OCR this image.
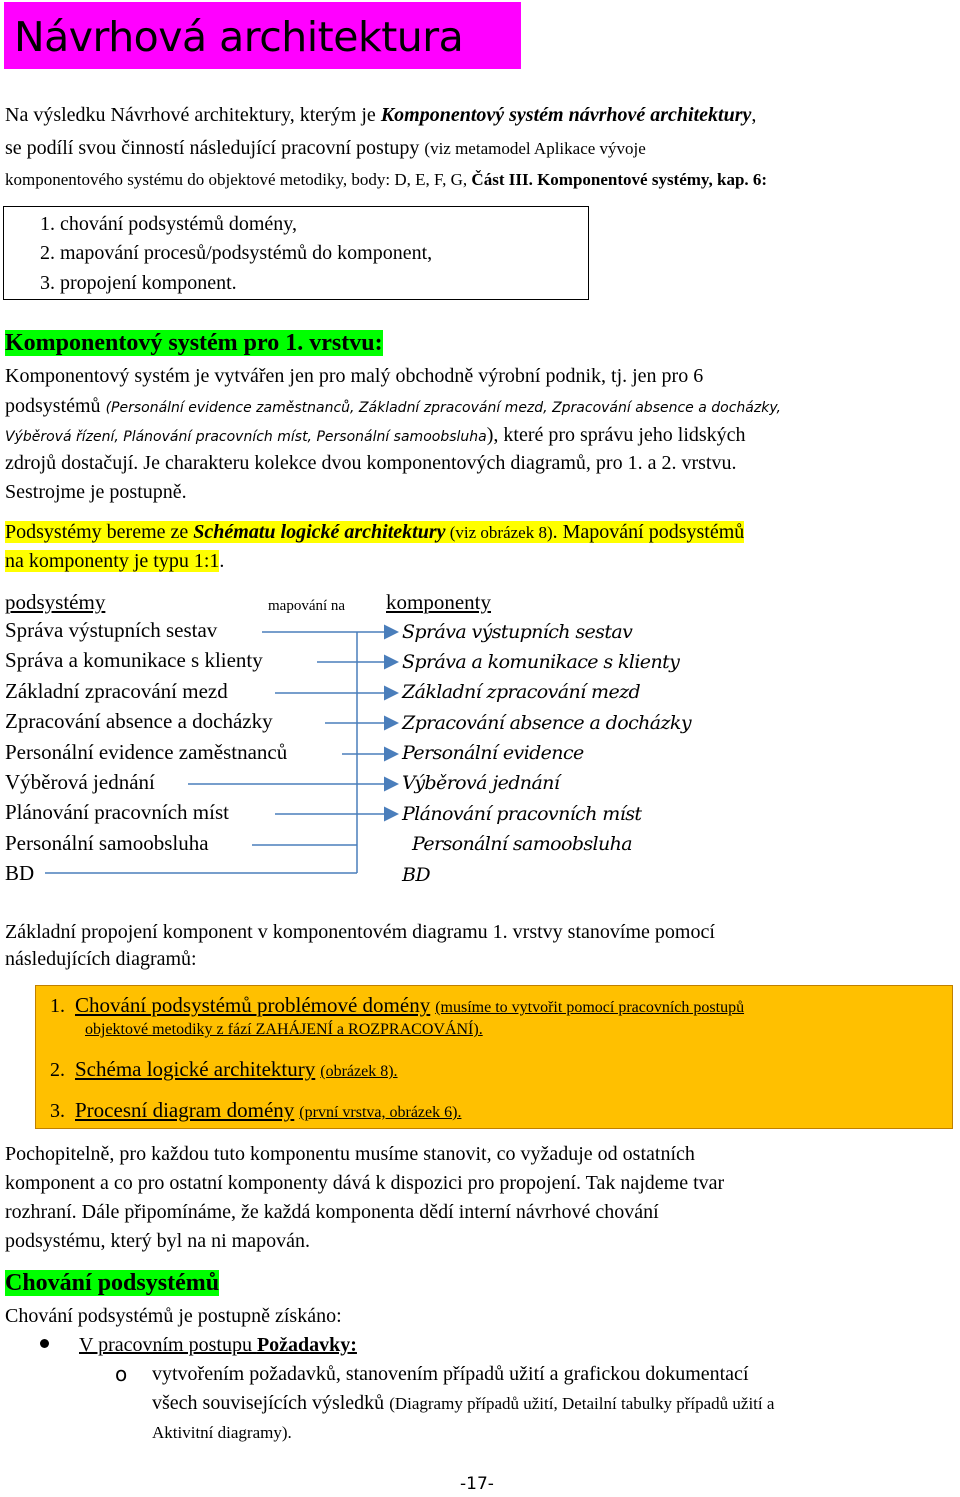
Návrhová architektura
Na výsledku Návrhové architektury, kterým je Komponentový systém návrhové architektury,
se podílí svou činností následující pracovní postupy (viz metamodel Aplikace vývoje
komponentového systému do objektové metodiky, body: D, E, F, G, Část III. Komponentové systémy, kap. 6:
1. chování podsystémů domény,
2. mapování procesů/podsystémů do komponent,
3. propojení komponent.
Komponentový systém pro 1. vrstvu:
Komponentový systém je vytvářen jen pro malý obchodně výrobní podnik, tj. jen pro 6
podsystémů (Personální evidence zaměstnanců, Základní zpracování mezd, Zpracování absence a docházky,
Výběrová řízení, Plánování pracovních míst, Personální samoobsluha), které pro správu jeho lidských
zdrojů dostačují. Je charakteru kolekce dvou komponentových diagramů, pro 1. a 2. vrstvu.
Sestrojme je postupně.
Podsystémy bereme ze Schématu logické architektury (viz obrázek 8). Mapování podsystémů
na komponenty je typu 1:1.
podsystémy	mapování na komponenty
Správa výstupních sestav
Správa a komunikace s klienty
Základní zpracování mezd
Zpracování absence a docházky
Personální evidence zaměstnanců
Výběrová jednání
Plánování pracovních míst
Personální samoobsluha
BD
Správa výstupních sestav
Správa a komunikace s klienty
Základní zpracování mezd
Zpracování absence a docházky
Personální evidence
Výběrová jednání
Plánování pracovních míst
Personální samoobsluha
BD
Základní propojení komponent v komponentovém diagramu 1. vrstvy stanovíme pomocí
následujících diagramů:
1. Chování podsystémů problémové domény (musíme to vytvořit pomocí pracovních postupů
objektové metodiky z fází ZAHÁJENÍ a ROZPRACOVÁNÍ).
2. Schéma logické architektury (obrázek 8).
3. Procesní diagram domény (první vrstva, obrázek 6).
Pochopitelně, pro každou tuto komponentu musíme stanovit, co vyžaduje od ostatních
komponent a co pro ostatní komponenty dává k dispozici pro propojení. Tak najdeme tvar
rozhraní. Dále připomínáme, že každá komponenta dědí interní návrhové chování
podsystému, který byl na ni mapován.
Chování podsystémů
Chování podsystémů je postupně získáno:
V pracovním postupu Požadavky:
o vytvořením požadavků, stanovením případů užití a grafickou dokumentací
všech souvisejících výsledků (Diagramy případů užití, Detailní tabulky případů užití a
Aktivitní diagramy).
-17-
